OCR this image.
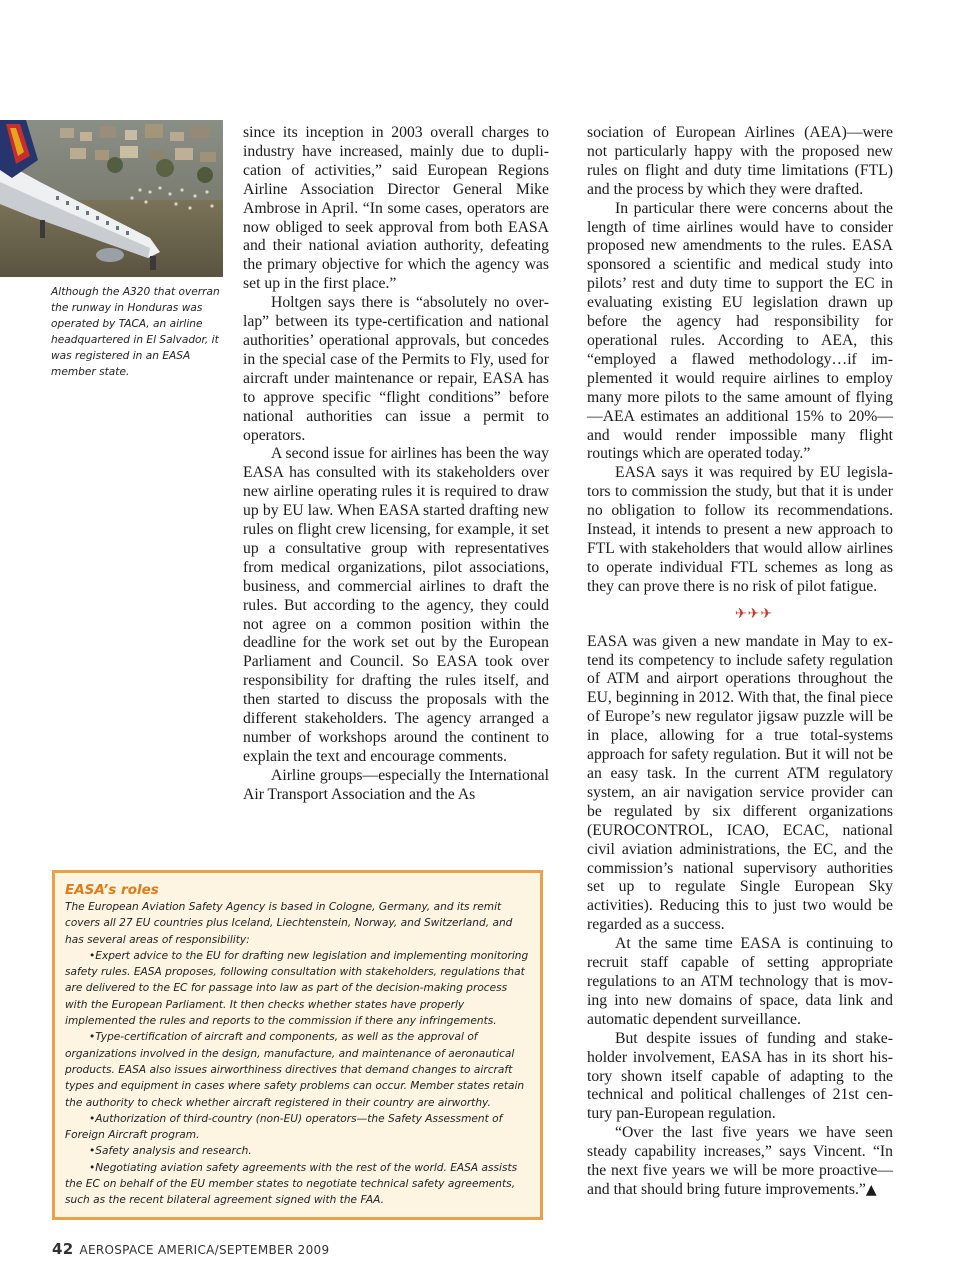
Although the A320 that overran the runway in Honduras was operated by TACA, an airline headquartered in El Salvador, it was registered in an EASA member state.

since its inception in 2003 overall charges to industry have increased, mainly due to duplication of activities,” said European Regions Airline Association Director General Mike Ambrose in April. “In some cases, operators are now obliged to seek approval from both EASA and their national aviation authority, defeating the primary objective for which the agency was set up in the first place.”

Holtgen says there is “absolutely no overlap” between its type-certification and national authorities’ operational approvals, but concedes in the special case of the Permits to Fly, used for aircraft under maintenance or repair, EASA has to approve specific “flight conditions” before national authorities can issue a permit to operators.

A second issue for airlines has been the way EASA has consulted with its stakeholders over new airline operating rules it is required to draw up by EU law. When EASA started drafting new rules on flight crew licensing, for example, it set up a consultative group with representatives from medical organizations, pilot associations, business, and commercial airlines to draft the rules. But according to the agency, they could not agree on a common position within the deadline for the work set out by the European Parliament and Council. So EASA took over responsibility for drafting the rules itself, and then started to discuss the proposals with the different stakeholders. The agency arranged a number of workshops around the continent to explain the text and encourage comments.

Airline groups—especially the International Air Transport Association and the As

sociation of European Airlines (AEA)—were not particularly happy with the proposed new rules on flight and duty time limitations (FTL) and the process by which they were drafted.

In particular there were concerns about the length of time airlines would have to consider proposed new amendments to the rules. EASA sponsored a scientific and medical study into pilots’ rest and duty time to support the EC in evaluating existing EU legislation drawn up before the agency had responsibility for operational rules. According to AEA, this “employed a flawed methodology…if implemented it would require airlines to employ many more pilots to the same amount of flying—AEA estimates an additional 15% to 20%—and would render impossible many flight routings which are operated today.”

EASA says it was required by EU legislators to commission the study, but that it is under no obligation to follow its recommendations. Instead, it intends to present a new approach to FTL with stakeholders that would allow airlines to operate individual FTL schemes as long as they can prove there is no risk of pilot fatigue.

✈✈✈

EASA was given a new mandate in May to extend its competency to include safety regulation of ATM and airport operations throughout the EU, beginning in 2012. With that, the final piece of Europe’s new regulator jigsaw puzzle will be in place, allowing for a true total-systems approach for safety regulation. But it will not be an easy task. In the current ATM regulatory system, an air navigation service provider can be regulated by six different organizations (EUROCONTROL, ICAO, ECAC, national civil aviation administrations, the EC, and the commission’s national supervisory authorities set up to regulate Single European Sky activities). Reducing this to just two would be regarded as a success.

At the same time EASA is continuing to recruit staff capable of setting appropriate regulations to an ATM technology that is moving into new domains of space, data link and automatic dependent surveillance.

But despite issues of funding and stakeholder involvement, EASA has in its short history shown itself capable of adapting to the technical and political challenges of 21st century pan-European regulation.

“Over the last five years we have seen steady capability increases,” says Vincent. “In the next five years we will be more proactive—and that should bring future improvements.”▲

EASA’s roles

The European Aviation Safety Agency is based in Cologne, Germany, and its remit covers all 27 EU countries plus Iceland, Liechtenstein, Norway, and Switzerland, and has several areas of responsibility:

•Expert advice to the EU for drafting new legislation and implementing monitoring safety rules. EASA proposes, following consultation with stakeholders, regulations that are delivered to the EC for passage into law as part of the decision-making process with the European Parliament. It then checks whether states have properly implemented the rules and reports to the commission if there any infringements.

•Type-certification of aircraft and components, as well as the approval of organizations involved in the design, manufacture, and maintenance of aeronautical products. EASA also issues airworthiness directives that demand changes to aircraft types and equipment in cases where safety problems can occur. Member states retain the authority to check whether aircraft registered in their country are airworthy.

•Authorization of third-country (non-EU) operators—the Safety Assessment of Foreign Aircraft program.

•Safety analysis and research.

•Negotiating aviation safety agreements with the rest of the world. EASA assists the EC on behalf of the EU member states to negotiate technical safety agreements, such as the recent bilateral agreement signed with the FAA.

42 AEROSPACE AMERICA/SEPTEMBER 2009
